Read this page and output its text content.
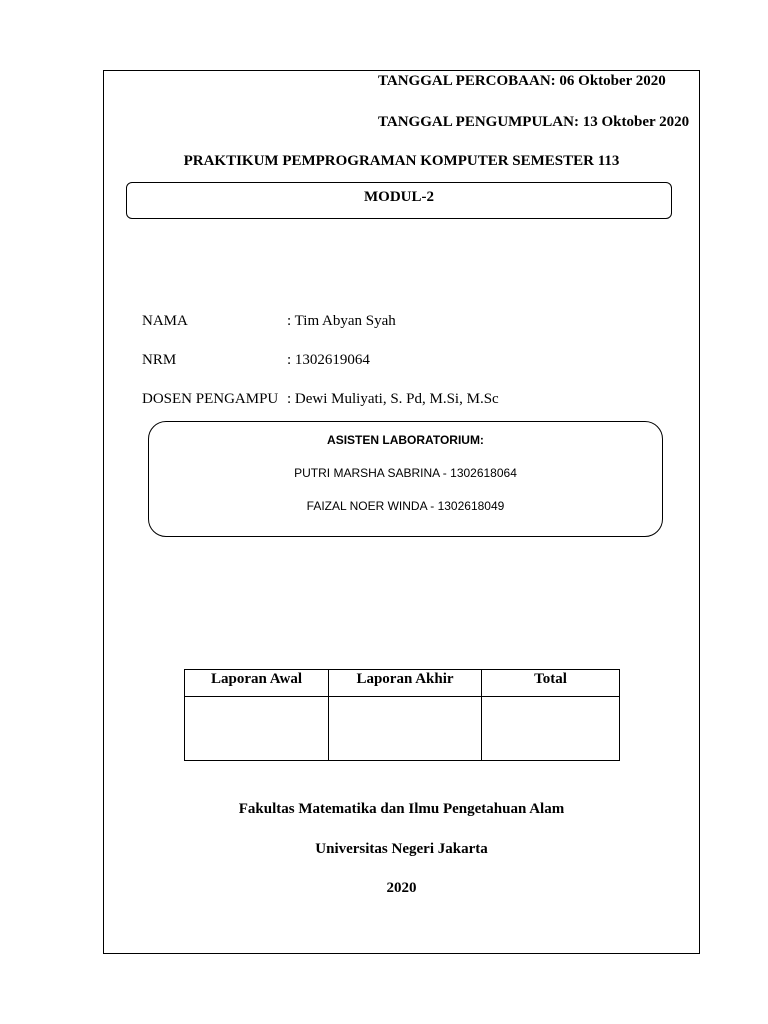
TANGGAL PERCOBAAN: 06 Oktober 2020
TANGGAL PENGUMPULAN: 13 Oktober 2020
PRAKTIKUM PEMPROGRAMAN KOMPUTER SEMESTER 113
MODUL-2
NAMA	: Tim Abyan Syah
NRM	: 1302619064
DOSEN PENGAMPU : Dewi Muliyati, S. Pd, M.Si, M.Sc
ASISTEN LABORATORIUM:
PUTRI MARSHA SABRINA - 1302618064
FAIZAL NOER WINDA - 1302618049
Laporan Awal	Laporan Akhir	Total

Fakultas Matematika dan Ilmu Pengetahuan Alam
Universitas Negeri Jakarta
2020
